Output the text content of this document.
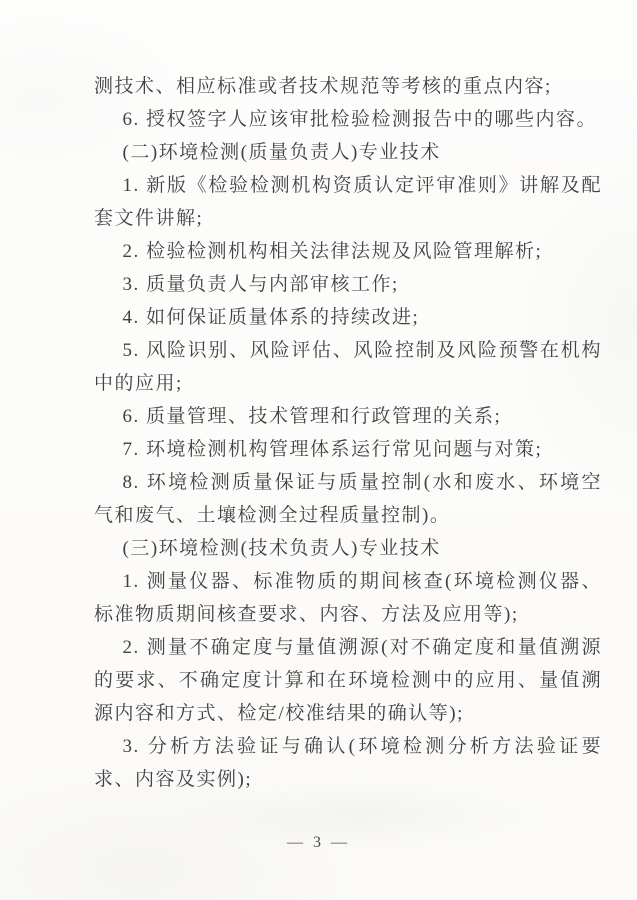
测技术、相应标准或者技术规范等考核的重点内容;

6. 授权签字人应该审批检验检测报告中的哪些内容。

(二)环境检测(质量负责人)专业技术

1. 新版《检验检测机构资质认定评审准则》讲解及配套文件讲解;

2. 检验检测机构相关法律法规及风险管理解析;

3. 质量负责人与内部审核工作;

4. 如何保证质量体系的持续改进;

5. 风险识别、风险评估、风险控制及风险预警在机构中的应用;

6. 质量管理、技术管理和行政管理的关系;

7. 环境检测机构管理体系运行常见问题与对策;

8. 环境检测质量保证与质量控制(水和废水、环境空气和废气、土壤检测全过程质量控制)。

(三)环境检测(技术负责人)专业技术

1. 测量仪器、标准物质的期间核查(环境检测仪器、标准物质期间核查要求、内容、方法及应用等);

2. 测量不确定度与量值溯源(对不确定度和量值溯源的要求、不确定度计算和在环境检测中的应用、量值溯源内容和方式、检定/校准结果的确认等);

3. 分析方法验证与确认(环境检测分析方法验证要求、内容及实例);

— 3 —
